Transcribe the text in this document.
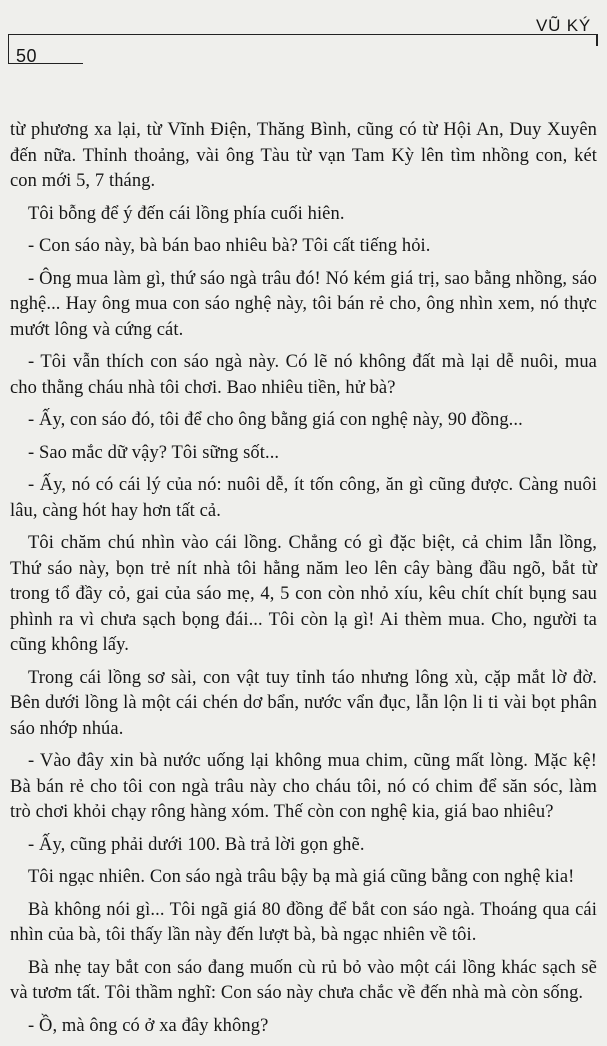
50
VŨ KÝ

từ phương xa lại, từ Vĩnh Điện, Thăng Bình, cũng có từ Hội An, Duy Xuyên đến nữa. Thỉnh thoảng, vài ông Tàu từ vạn Tam Kỳ lên tìm nhồng con, két con mới 5, 7 tháng.

Tôi bỗng để ý đến cái lồng phía cuối hiên.

- Con sáo này, bà bán bao nhiêu bà? Tôi cất tiếng hỏi.

- Ông mua làm gì, thứ sáo ngà trâu đó! Nó kém giá trị, sao bằng nhồng, sáo nghệ... Hay ông mua con sáo nghệ này, tôi bán rẻ cho, ông nhìn xem, nó thực mướt lông và cứng cát.

- Tôi vẫn thích con sáo ngà này. Có lẽ nó không đất mà lại dễ nuôi, mua cho thằng cháu nhà tôi chơi. Bao nhiêu tiền, hử bà?

- Ấy, con sáo đó, tôi để cho ông bằng giá con nghệ này, 90 đồng...

- Sao mắc dữ vậy? Tôi sững sốt...

- Ấy, nó có cái lý của nó: nuôi dễ, ít tốn công, ăn gì cũng được. Càng nuôi lâu, càng hót hay hơn tất cả.

Tôi chăm chú nhìn vào cái lồng. Chẳng có gì đặc biệt, cả chim lẫn lồng, Thứ sáo này, bọn trẻ nít nhà tôi hằng năm leo lên cây bàng đầu ngõ, bắt từ trong tổ đầy cỏ, gai của sáo mẹ, 4, 5 con còn nhỏ xíu, kêu chít chít bụng sau phình ra vì chưa sạch bọng đái... Tôi còn lạ gì! Ai thèm mua. Cho, người ta cũng không lấy.

Trong cái lồng sơ sài, con vật tuy tỉnh táo nhưng lông xù, cặp mắt lờ đờ. Bên dưới lồng là một cái chén dơ bẩn, nước vẩn đục, lẫn lộn li ti vài bọt phân sáo nhớp nhúa.

- Vào đây xin bà nước uống lại không mua chim, cũng mất lòng. Mặc kệ! Bà bán rẻ cho tôi con ngà trâu này cho cháu tôi, nó có chim để săn sóc, làm trò chơi khỏi chạy rông hàng xóm. Thế còn con nghệ kia, giá bao nhiêu?

- Ấy, cũng phải dưới 100. Bà trả lời gọn ghẽ.

Tôi ngạc nhiên. Con sáo ngà trâu bậy bạ mà giá cũng bằng con nghệ kia!

Bà không nói gì... Tôi ngã giá 80 đồng để bắt con sáo ngà. Thoáng qua cái nhìn của bà, tôi thấy lần này đến lượt bà, bà ngạc nhiên về tôi.

Bà nhẹ tay bắt con sáo đang muốn cù rủ bỏ vào một cái lồng khác sạch sẽ và tươm tất. Tôi thầm nghĩ: Con sáo này chưa chắc về đến nhà mà còn sống.

- Ồ, mà ông có ở xa đây không?
